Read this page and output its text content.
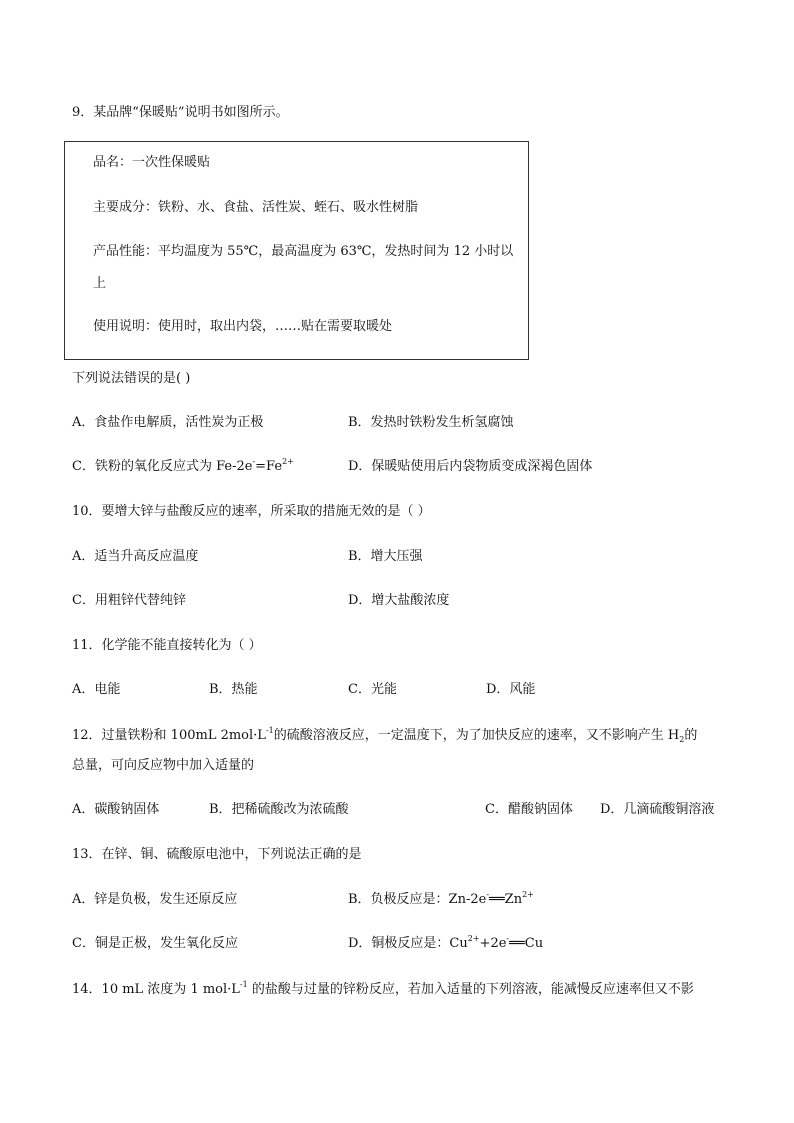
9．某品牌“保暖贴”说明书如图所示。
品名：一次性保暖贴
主要成分：铁粉、水、食盐、活性炭、蛭石、吸水性树脂
产品性能：平均温度为 55℃，最高温度为 63℃，发热时间为 12 小时以
上
使用说明：使用时，取出内袋，……贴在需要取暖处
下列说法错误的是( )
A．食盐作电解质，活性炭为正极	B．发热时铁粉发生析氢腐蚀
C．铁粉的氧化反应式为 $Fe-2e^-=Fe^{2+}$	D．保暖贴使用后内袋物质变成深褐色固体
10．要增大锌与盐酸反应的速率，所采取的措施无效的是（ ）
A．适当升高反应温度	B．增大压强
C．用粗锌代替纯锌	D．增大盐酸浓度
11．化学能不能直接转化为（ ）
A．电能	B．热能	C．光能	D．风能
12．过量铁粉和 100mL $2mol\cdot L^{-1}$的硫酸溶液反应，一定温度下，为了加快反应的速率，又不影响产生 $H_2$的
总量，可向反应物中加入适量的
A．碳酸钠固体	B．把稀硫酸改为浓硫酸	C．醋酸钠固体 D．几滴硫酸铜溶液
13．在锌、铜、硫酸原电池中，下列说法正确的是
A．锌是负极，发生还原反应	B．负极反应是：$Zn-2e^-══Zn^{2+}$
C．铜是正极，发生氧化反应	D．铜极反应是：$Cu^{2+}+2e^-══Cu$
14．10 mL 浓度为 1 $mol\cdot L^{-1}$ 的盐酸与过量的锌粉反应，若加入适量的下列溶液，能减慢反应速率但又不影
